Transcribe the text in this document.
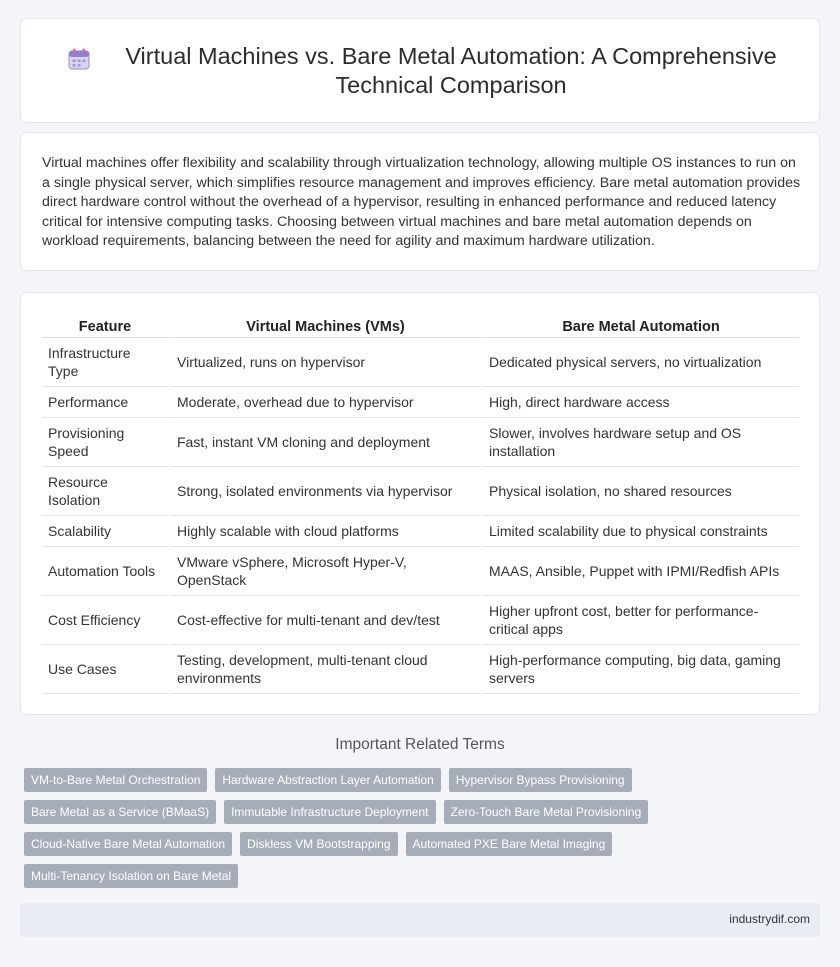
Virtual Machines vs. Bare Metal Automation: A Comprehensive Technical Comparison

Virtual machines offer flexibility and scalability through virtualization technology, allowing multiple OS instances to run on a single physical server, which simplifies resource management and improves efficiency. Bare metal automation provides direct hardware control without the overhead of a hypervisor, resulting in enhanced performance and reduced latency critical for intensive computing tasks. Choosing between virtual machines and bare metal automation depends on workload requirements, balancing between the need for agility and maximum hardware utilization.

Feature	Virtual Machines (VMs)	Bare Metal Automation
Infrastructure Type	Virtualized, runs on hypervisor	Dedicated physical servers, no virtualization
Performance	Moderate, overhead due to hypervisor	High, direct hardware access
Provisioning Speed	Fast, instant VM cloning and deployment	Slower, involves hardware setup and OS installation
Resource Isolation	Strong, isolated environments via hypervisor	Physical isolation, no shared resources
Scalability	Highly scalable with cloud platforms	Limited scalability due to physical constraints
Automation Tools	VMware vSphere, Microsoft Hyper-V, OpenStack	MAAS, Ansible, Puppet with IPMI/Redfish APIs
Cost Efficiency	Cost-effective for multi-tenant and dev/test	Higher upfront cost, better for performance-critical apps
Use Cases	Testing, development, multi-tenant cloud environments	High-performance computing, big data, gaming servers
Important Related Terms
VM-to-Bare Metal Orchestration	Hardware Abstraction Layer Automation	Hypervisor Bypass Provisioning
Bare Metal as a Service (BMaaS)	Immutable Infrastructure Deployment	Zero-Touch Bare Metal Provisioning
Cloud-Native Bare Metal Automation	Diskless VM Bootstrapping	Automated PXE Bare Metal Imaging
Multi-Tenancy Isolation on Bare Metal
industrydif.com
